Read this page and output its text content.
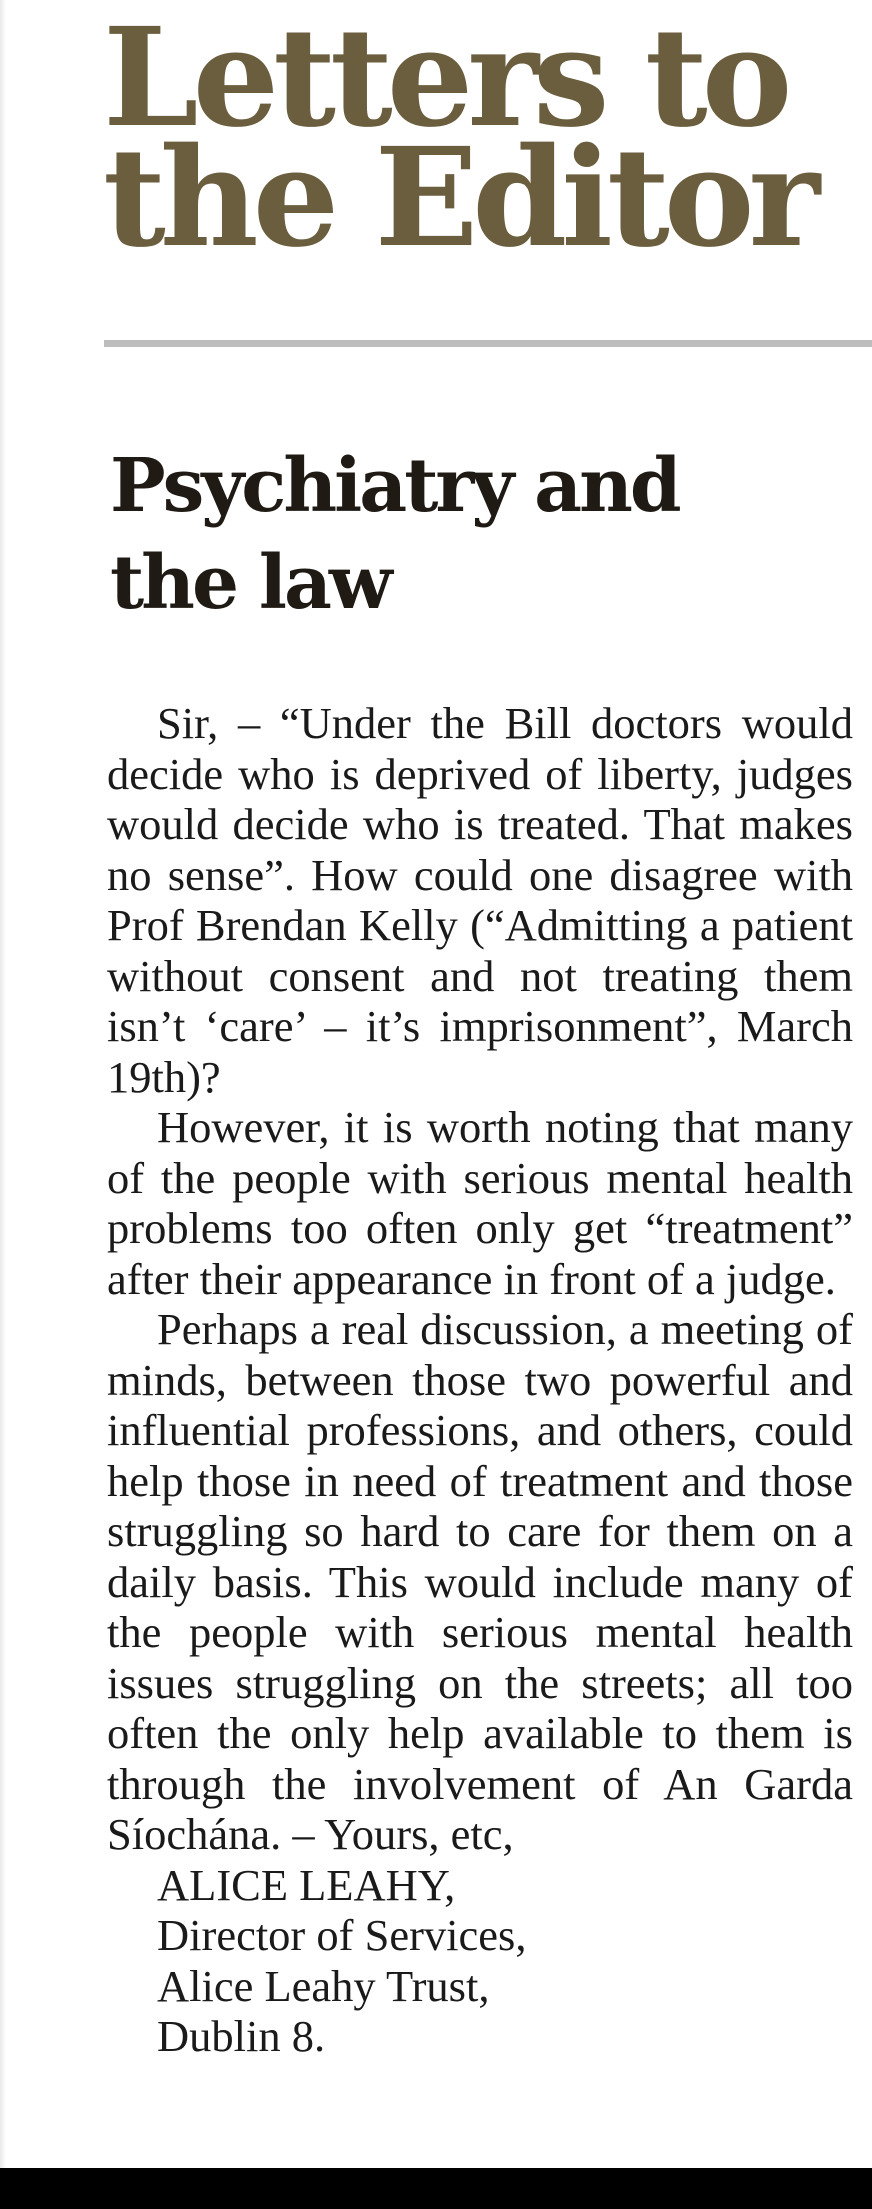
Letters to the Editor
Psychiatry and the law

Sir, – “Under the Bill doctors would decide who is deprived of liberty, judges would decide who is treated. That makes no sense”. How could one disagree with Prof Brendan Kelly (“Admitting a patient without consent and not treating them isn’t ‘care’ – it’s imprisonment”, March 19th)?

However, it is worth noting that many of the people with serious mental health problems too often only get “treatment” after their appearance in front of a judge.

Perhaps a real discussion, a meeting of minds, between those two powerful and influential professions, and others, could help those in need of treatment and those struggling so hard to care for them on a daily basis. This would include many of the people with serious mental health issues struggling on the streets; all too often the only help available to them is through the involvement of An Garda Síochána. – Yours, etc,

ALICE LEAHY,

Director of Services,

Alice Leahy Trust,

Dublin 8.
